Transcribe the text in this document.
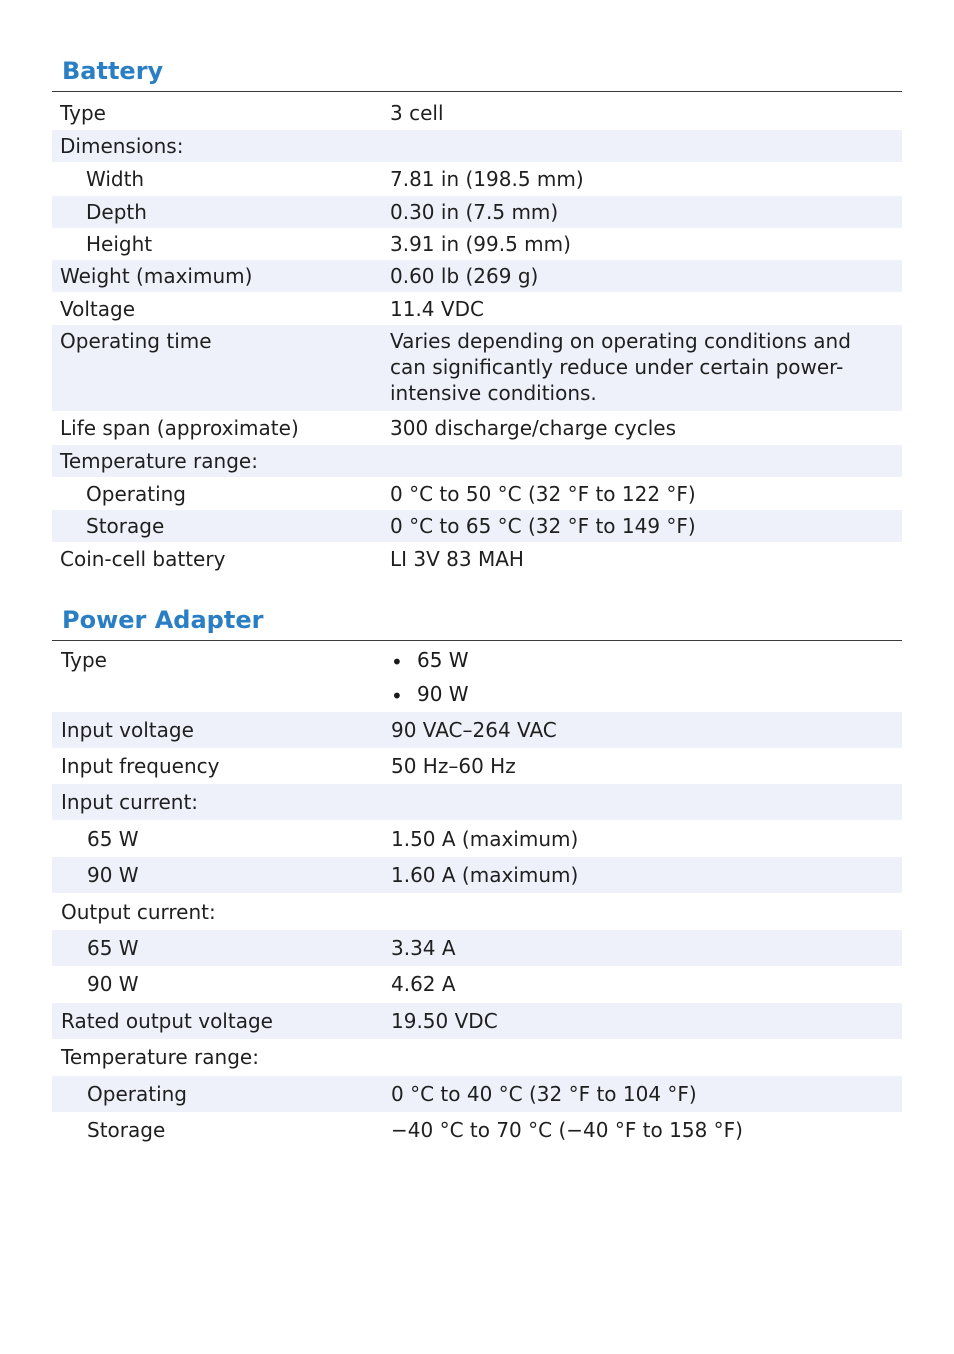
Battery
Type	3 cell
Dimensions:
Width	7.81 in (198.5 mm)
Depth	0.30 in (7.5 mm)
Height	3.91 in (99.5 mm)
Weight (maximum)	0.60 lb (269 g)
Voltage	11.4 VDC
Operating time	Varies depending on operating conditions and can significantly reduce under certain power-intensive conditions.
Life span (approximate)	300 discharge/charge cycles
Temperature range:
Operating	0 °C to 50 °C (32 °F to 122 °F)
Storage	0 °C to 65 °C (32 °F to 149 °F)
Coin-cell battery	LI 3V 83 MAH
Power Adapter
Type	• 65 W
• 90 W
Input voltage	90 VAC–264 VAC
Input frequency	50 Hz–60 Hz
Input current:
65 W	1.50 A (maximum)
90 W	1.60 A (maximum)
Output current:
65 W	3.34 A
90 W	4.62 A
Rated output voltage	19.50 VDC
Temperature range:
Operating	0 °C to 40 °C (32 °F to 104 °F)
Storage	−40 °C to 70 °C (−40 °F to 158 °F)
